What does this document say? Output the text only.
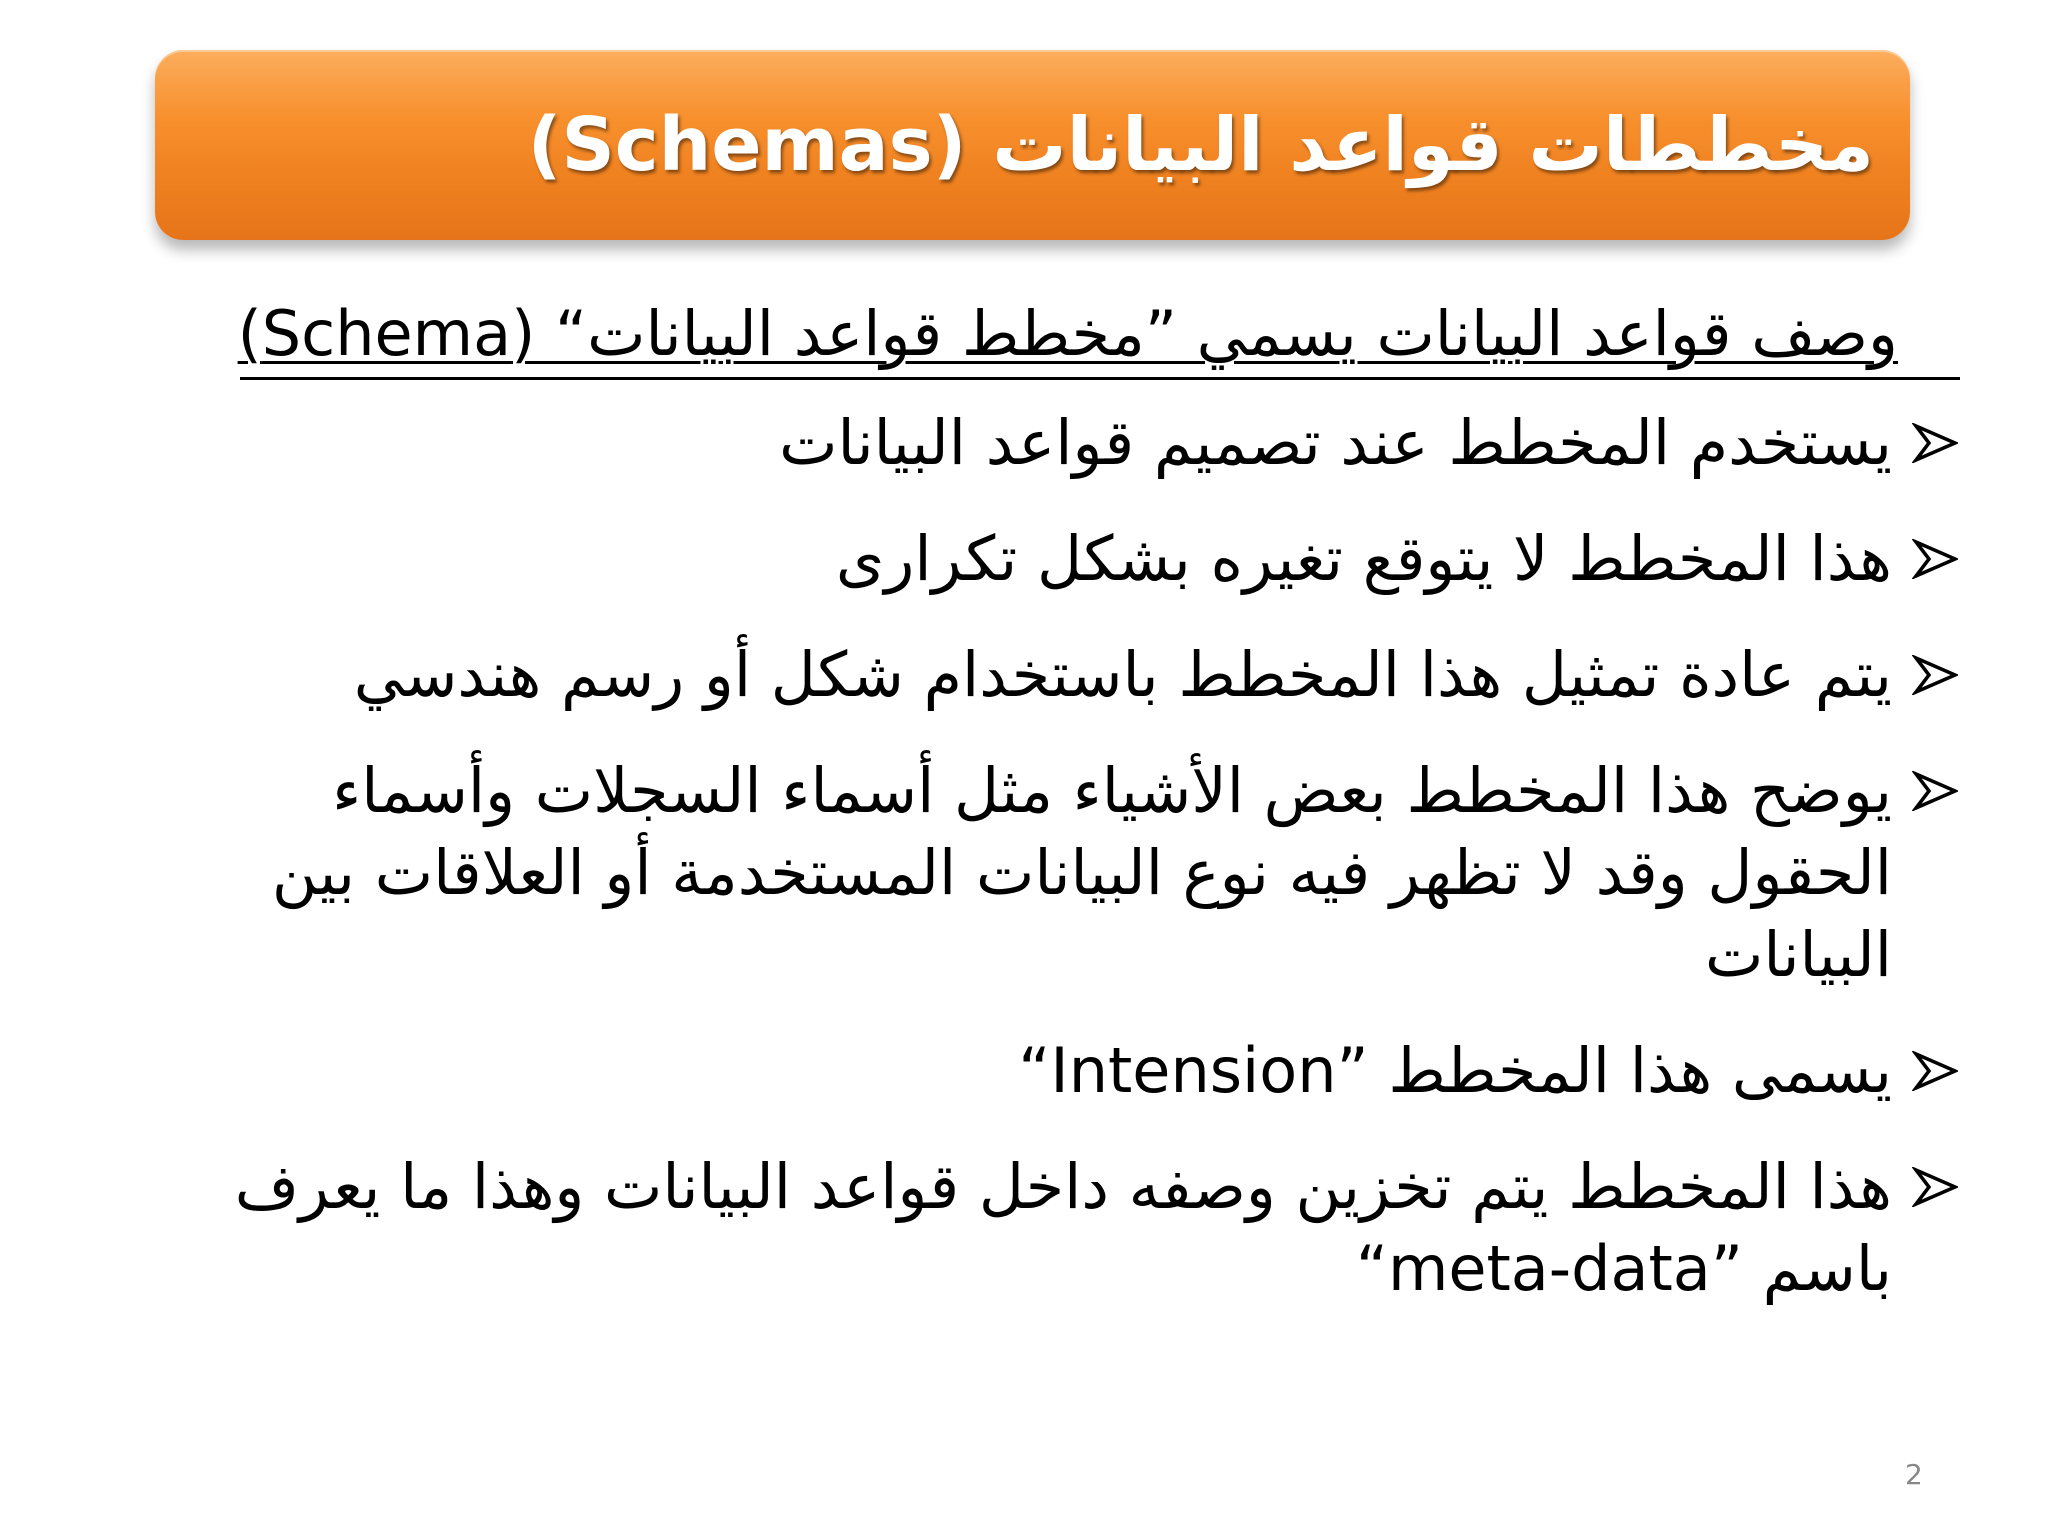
مخططات قواعد البيانات (Schemas)
وصف قواعد البيانات يسمي ”مخطط قواعد البيانات“ (Schema)
يستخدم المخطط عند تصميم قواعد البيانات
هذا المخطط لا يتوقع تغيره بشكل تكرارى
يتم عادة تمثيل هذا المخطط باستخدام شكل أو رسم هندسي
يوضح هذا المخطط بعض الأشياء مثل أسماء السجلات وأسماء الحقول وقد لا تظهر فيه نوع البيانات المستخدمة أو العلاقات بين البيانات
يسمى هذا المخطط ”Intension“
هذا المخطط يتم تخزين وصفه داخل قواعد البيانات وهذا ما يعرف باسم ”meta-data“
2
